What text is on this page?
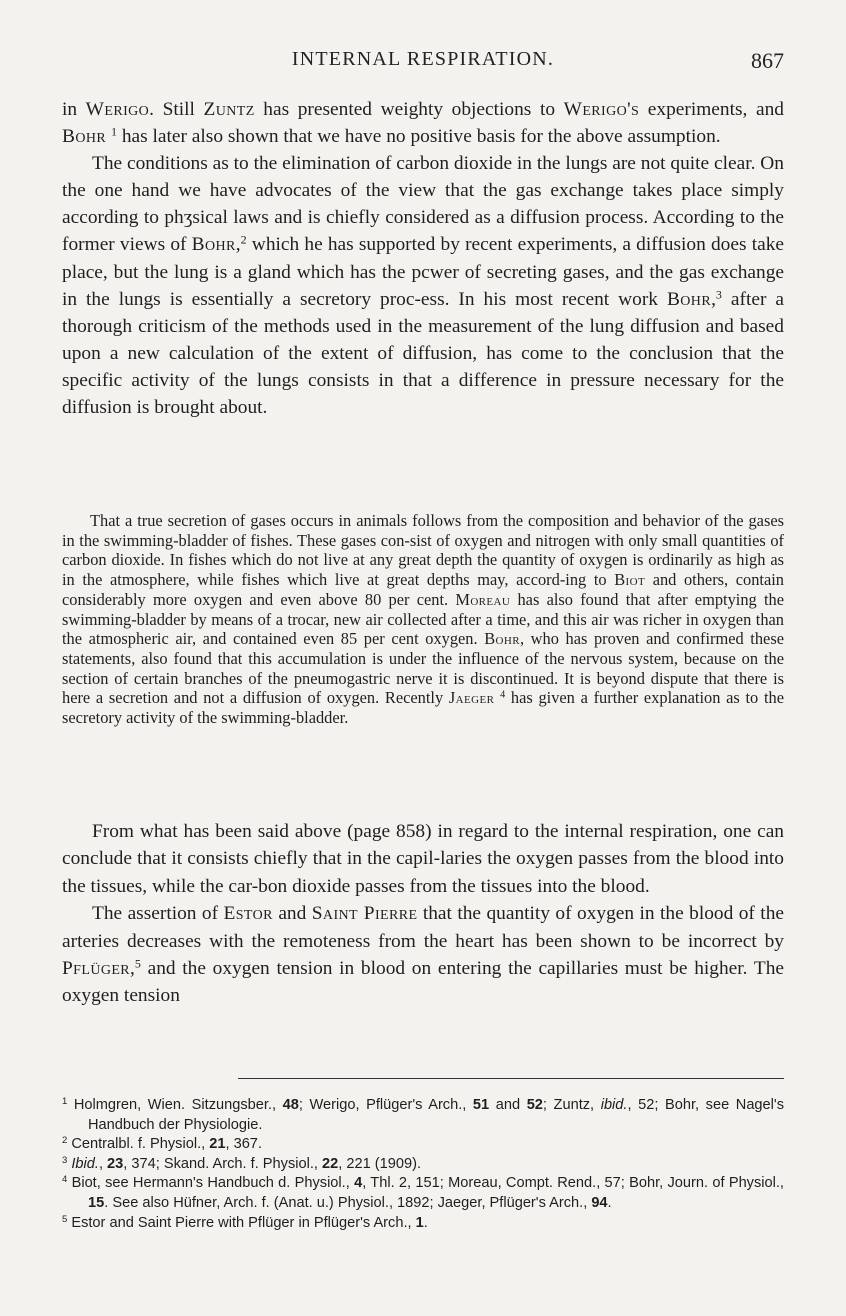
INTERNAL RESPIRATION.	867

in Werigo. Still Zuntz has presented weighty objections to Werigo's experiments, and Bohr $^1$ has later also shown that we have no positive basis for the above assumption.

The conditions as to the elimination of carbon dioxide in the lungs are not quite clear. On the one hand we have advocates of the view that the gas exchange takes place simply according to phʒsical laws and is chiefly considered as a diffusion process. According to the former views of Bohr,$^2$ which he has supported by recent experiments, a diffusion does take place, but the lung is a gland which has the pcwer of secreting gases, and the gas exchange in the lungs is essentially a secretory proc-ess. In his most recent work Bohr,$^3$ after a thorough criticism of the methods used in the measurement of the lung diffusion and based upon a new calculation of the extent of diffusion, has come to the conclusion that the specific activity of the lungs consists in that a difference in pressure necessary for the diffusion is brought about.

That a true secretion of gases occurs in animals follows from the composition and behavior of the gases in the swimming-bladder of fishes. These gases con-sist of oxygen and nitrogen with only small quantities of carbon dioxide. In fishes which do not live at any great depth the quantity of oxygen is ordinarily as high as in the atmosphere, while fishes which live at great depths may, accord-ing to Biot and others, contain considerably more oxygen and even above 80 per cent. Moreau has also found that after emptying the swimming-bladder by means of a trocar, new air collected after a time, and this air was richer in oxygen than the atmospheric air, and contained even 85 per cent oxygen. Bohr, who has proven and confirmed these statements, also found that this accumulation is under the influence of the nervous system, because on the section of certain branches of the pneumogastric nerve it is discontinued. It is beyond dispute that there is here a secretion and not a diffusion of oxygen. Recently Jaeger $^4$ has given a further explanation as to the secretory activity of the swimming-bladder.

From what has been said above (page 858) in regard to the internal respiration, one can conclude that it consists chiefly that in the capil-laries the oxygen passes from the blood into the tissues, while the car-bon dioxide passes from the tissues into the blood.

The assertion of Estor and Saint Pierre that the quantity of oxygen in the blood of the arteries decreases with the remoteness from the heart has been shown to be incorrect by Pflüger,$^5$ and the oxygen tension in blood on entering the capillaries must be higher. The oxygen tension

$^1$ Holmgren, Wien. Sitzungsber., 48; Werigo, Pflüger's Arch., 51 and 52; Zuntz, ibid., 52; Bohr, see Nagel's Handbuch der Physiologie.

$^2$ Centralbl. f. Physiol., 21, 367.

$^3$ Ibid., 23, 374; Skand. Arch. f. Physiol., 22, 221 (1909).

$^4$ Biot, see Hermann's Handbuch d. Physiol., 4, Thl. 2, 151; Moreau, Compt. Rend., 57; Bohr, Journ. of Physiol., 15. See also Hüfner, Arch. f. (Anat. u.) Physiol., 1892; Jaeger, Pflüger's Arch., 94.

$^5$ Estor and Saint Pierre with Pflüger in Pflüger's Arch., 1.
